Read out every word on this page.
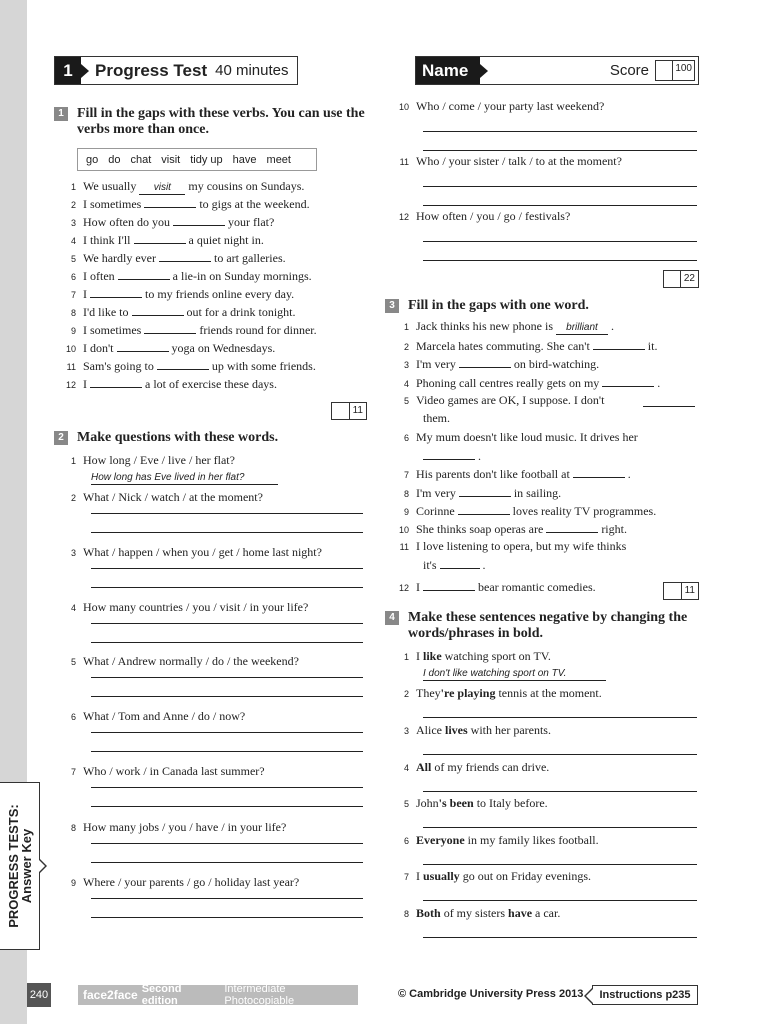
PROGRESS TESTS:
Answer Key
1	Progress Test 40 minutes	Name	Score	100
1 Fill in the gaps with these verbs. You can use the verbs more than once.
go do chat visit tidy up have meet
1 We usually	visit	my cousins on Sundays.
2 I sometimes	to gigs at the weekend.
3 How often do you	your flat?
4 I think I'll	a quiet night in.
5 We hardly ever	to art galleries.
6 I often	a lie-in on Sunday mornings.
7 I	to my friends online every day.
8 I'd like to	out for a drink tonight.
9 I sometimes	friends round for dinner.
10 I don't	yoga on Wednesdays.
11 Sam's going to	up with some friends.
12 I	a lot of exercise these days.
11
2 Make questions with these words.
1 How long / Eve / live / her flat?
How long has Eve lived in her flat?
2 What / Nick / watch / at the moment?
3 What / happen / when you / get / home last night?
4 How many countries / you / visit / in your life?
5 What / Andrew normally / do / the weekend?
6 What / Tom and Anne / do / now?
7 Who / work / in Canada last summer?
8 How many jobs / you / have / in your life?
9 Where / your parents / go / holiday last year?
10 Who / come / your party last weekend?
11 Who / your sister / talk / to at the moment?
12 How often / you / go / festivals?
22
3 Fill in the gaps with one word.
1 Jack thinks his new phone is	brilliant	.
2 Marcela hates commuting. She can't	it.
3 I'm very	on bird-watching.
4 Phoning call centres really gets on my	.
5 Video games are OK, I suppose. I don't
them.
6 My mum doesn't like loud music. It drives her
.
7 His parents don't like football at	.
8 I'm very	in sailing.
9 Corinne	loves reality TV programmes.
10 She thinks soap operas are	right.
11 I love listening to opera, but my wife thinks
it's	.
12 I	bear romantic comedies.	11
4 Make these sentences negative by changing the words/phrases in bold.
1 I like watching sport on TV.
I don't like watching sport on TV.
2 They're playing tennis at the moment.
3 Alice lives with her parents.
4 All of my friends can drive.
5 John's been to Italy before.
6 Everyone in my family likes football.
7 I usually go out on Friday evenings.
8 Both of my sisters have a car.
240	face2face Second edition
Intermediate Photocopiable
© Cambridge University Press 2013	Instructions p235
